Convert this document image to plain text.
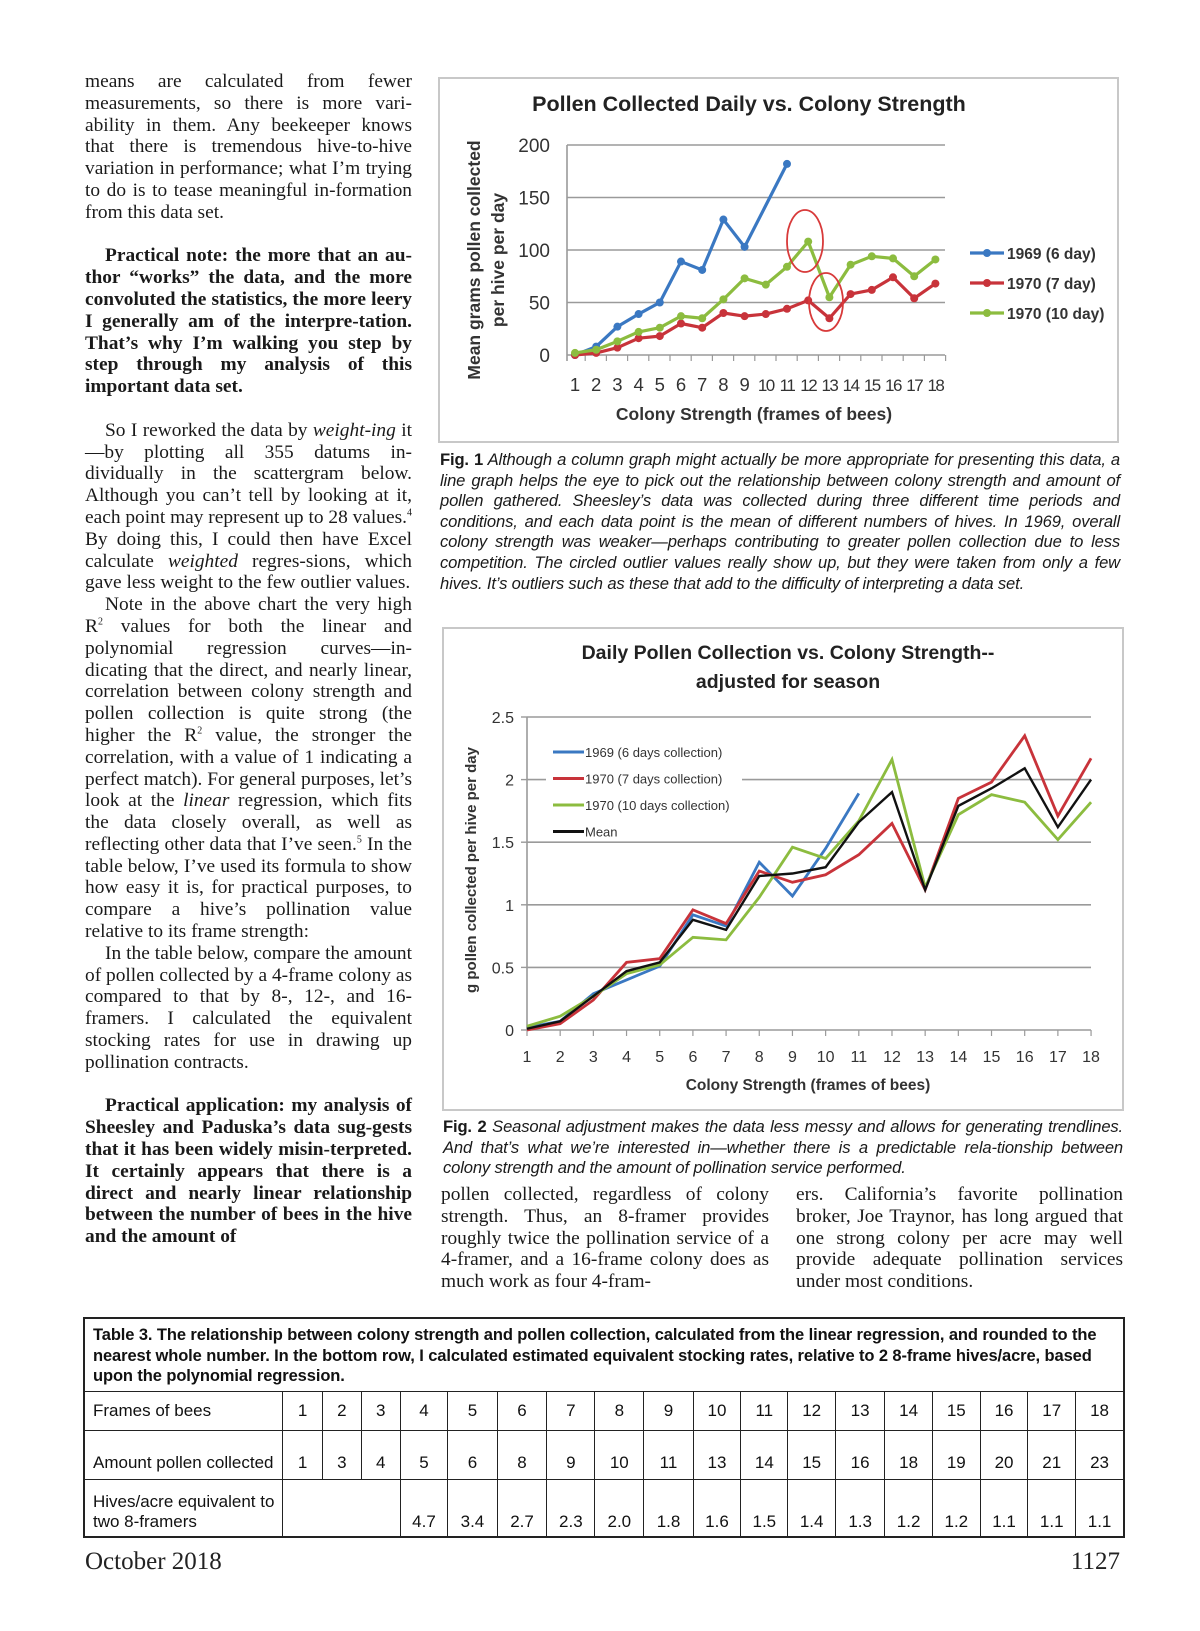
means are calculated from fewer measurements, so there is more vari-ability in them. Any beekeeper knows that there is tremendous hive-to-hive variation in performance; what I’m trying to do is to tease meaningful in-formation from this data set.

Practical note: the more that an au-thor “works” the data, and the more convoluted the statistics, the more leery I generally am of the interpre-tation. That’s why I’m walking you step by step through my analysis of this important data set.

So I reworked the data by weight-ing it—by plotting all 355 datums in-dividually in the scattergram below. Although you can’t tell by looking at it, each point may represent up to 28 values.$^4$ By doing this, I could then have Excel calculate weighted regres-sions, which gave less weight to the few outlier values.

Note in the above chart the very high $R^2$ values for both the linear and polynomial regression curves—in-dicating that the direct, and nearly linear, correlation between colony strength and pollen collection is quite strong (the higher the $R^2$ value, the stronger the correlation, with a value of 1 indicating a perfect match). For general purposes, let’s look at the linear regression, which fits the data closely overall, as well as reflecting other data that I’ve seen.$^5$ In the table below, I’ve used its formula to show how easy it is, for practical purposes, to compare a hive’s pollination value relative to its frame strength:

In the table below, compare the amount of pollen collected by a 4-frame colony as compared to that by 8-, 12-, and 16-framers. I calculated the equivalent stocking rates for use in drawing up pollination contracts.

Practical application: my analysis of Sheesley and Paduska’s data sug-gests that it has been widely misin-terpreted. It certainly appears that there is a direct and nearly linear relationship between the number of bees in the hive and the amount of

Pollen Collected Daily vs. Colony Strength
0
50
100
150
200
1 2 3 4 5 6 7 8 9 10 11 12 13 14 15 16 17 18
Colony Strength (frames of bees)
Mean grams pollen collected per hive per day	1969 (6 day)
1970 (7 day)
1970 (10 day)
Fig. 1 Although a column graph might actually be more appropriate for presenting this data, a line graph helps the eye to pick out the relationship between colony strength and amount of pollen gathered. Sheesley’s data was collected during three different time periods and conditions, and each data point is the mean of different numbers of hives. In 1969, overall colony strength was weaker—perhaps contributing to greater pollen collection due to less competition. The circled outlier values really show up, but they were taken from only a few hives. It’s outliers such as these that add to the difficulty of interpreting a data set.
Daily Pollen Collection vs. Colony Strength--
adjusted for season
0
0.5
1
1.5
2
2.5
1 2 3 4 5 6 7 8 9 10 11 12 13 14 15 16 17 18
Colony Strength (frames of bees)
g pollen collected per hive per day	1969 (6 days collection)
1970 (7 days collection)
1970 (10 days collection)
Mean
Fig. 2 Seasonal adjustment makes the data less messy and allows for generating trendlines. And that’s what we’re interested in—whether there is a predictable rela-tionship between colony strength and the amount of pollination service performed.
pollen collected, regardless of colony strength. Thus, an 8-framer provides roughly twice the pollination service of a 4-framer, and a 16-frame colony does as much work as four 4-fram-
ers. California’s favorite pollination broker, Joe Traynor, has long argued that one strong colony per acre may well provide adequate pollination services under most conditions.
Table 3. The relationship between colony strength and pollen collection, calculated from the linear regression, and rounded to the nearest whole number. In the bottom row, I calculated estimated equivalent stocking rates, relative to 2 8-frame hives/acre, based upon the polynomial regression.																		
Frames of bees	1	2	3	4	5	6	7	8	9	10	11	12	13	14	15	16	17	18
Amount pollen collected	1	3	4	5	6	8	9	10	11	13	14	15	16	18	19	20	21	23
Hives/acre equivalent to two 8-framers				4.7	3.4	2.7	2.3	2.0	1.8	1.6	1.5	1.4	1.3	1.2	1.2	1.1	1.1	1.1
October 2018	1127
